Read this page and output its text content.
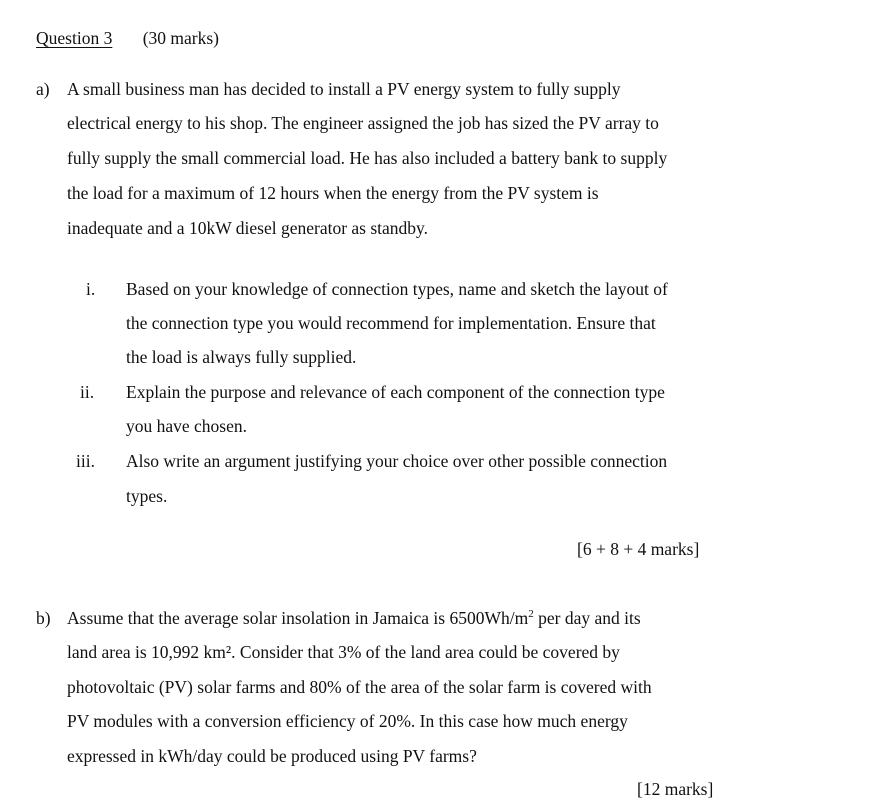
Question 3 (30 marks)
a) A small business man has decided to install a PV energy system to fully supply
electrical energy to his shop. The engineer assigned the job has sized the PV array to
fully supply the small commercial load. He has also included a battery bank to supply
the load for a maximum of 12 hours when the energy from the PV system is
inadequate and a 10kW diesel generator as standby.
i. Based on your knowledge of connection types, name and sketch the layout of
the connection type you would recommend for implementation. Ensure that
the load is always fully supplied.
ii. Explain the purpose and relevance of each component of the connection type
you have chosen.
iii. Also write an argument justifying your choice over other possible connection
types.
[6 + 8 + 4 marks]
b) Assume that the average solar insolation in Jamaica is $6500Wh/m^2$ per day and its
land area is 10,992 km². Consider that 3% of the land area could be covered by
photovoltaic (PV) solar farms and 80% of the area of the solar farm is covered with
PV modules with a conversion efficiency of 20%. In this case how much energy
expressed in kWh/day could be produced using PV farms?
[12 marks]
